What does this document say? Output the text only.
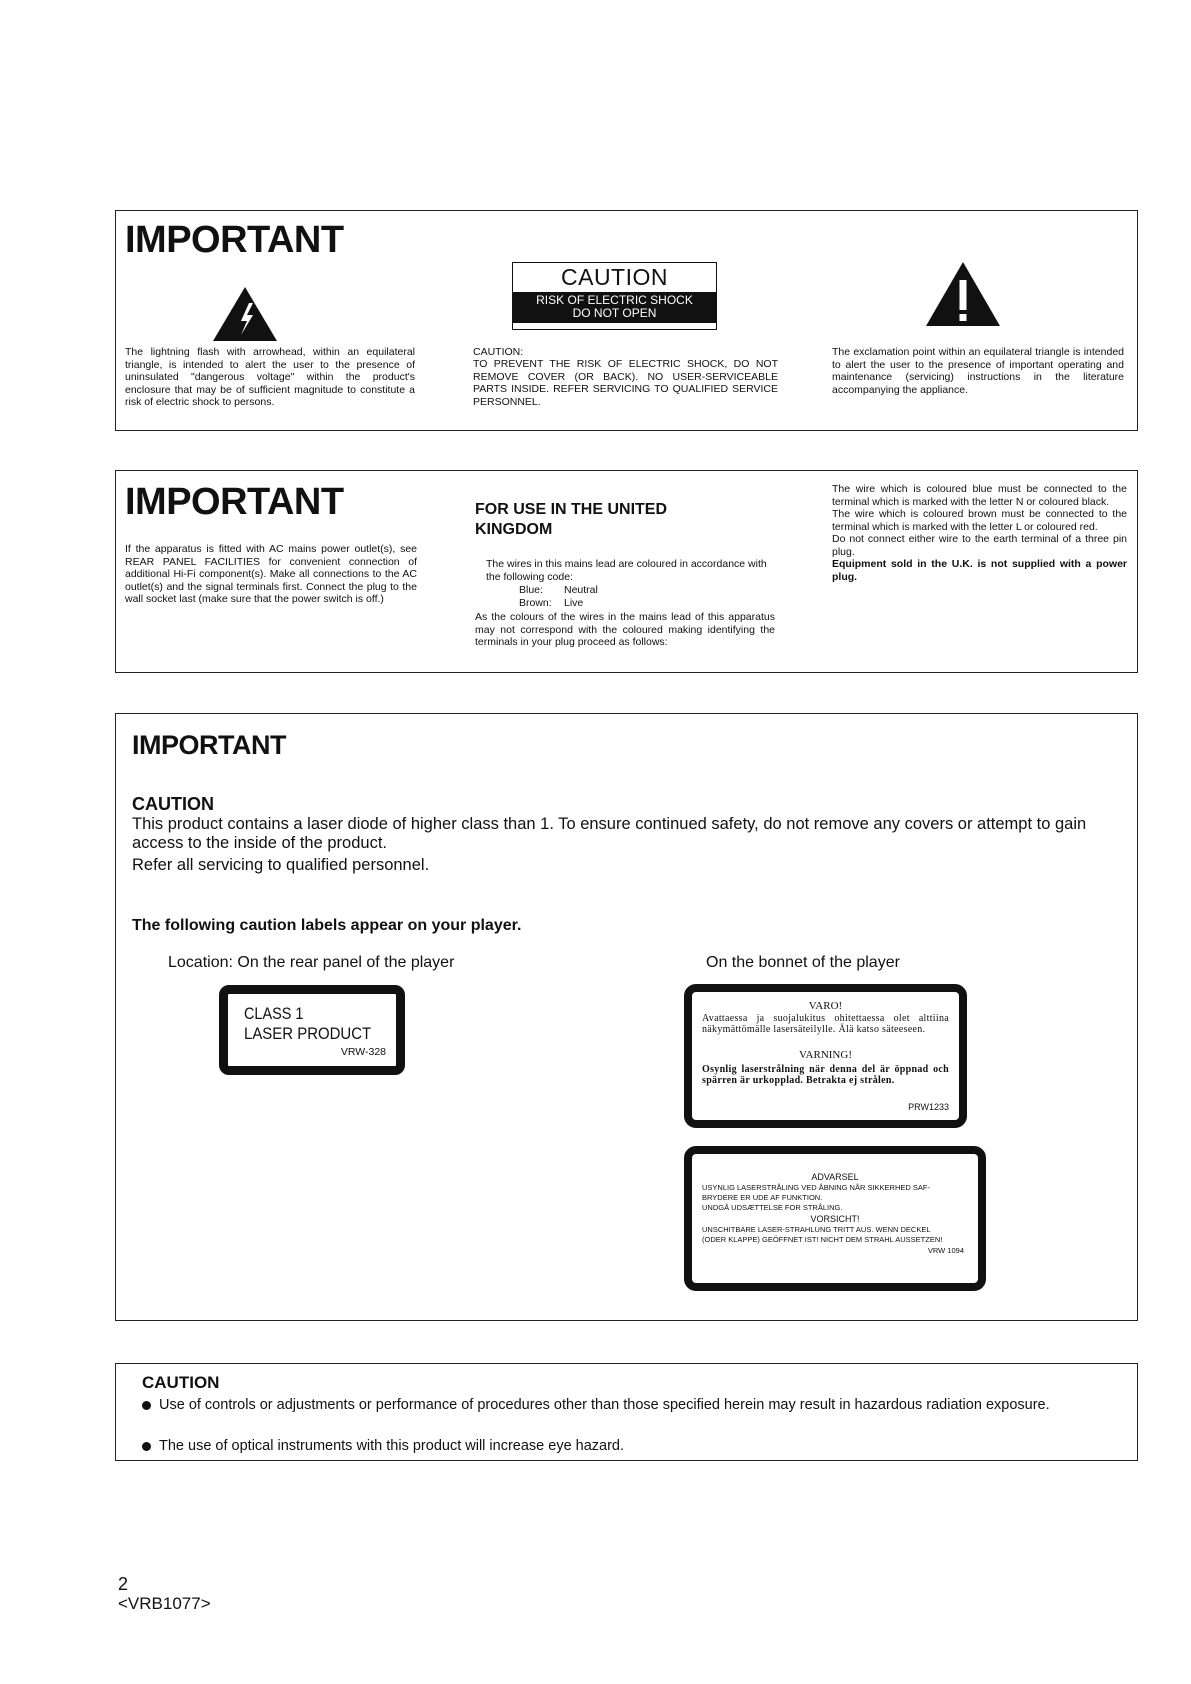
IMPORTANT
The lightning flash with arrowhead, within an equilateral triangle, is intended to alert the user to the presence of uninsulated "dangerous voltage" within the product's enclosure that may be of sufficient magnitude to constitute a risk of electric shock to persons.
CAUTION
RISK OF ELECTRIC SHOCK
DO NOT OPEN
CAUTION:
TO PREVENT THE RISK OF ELECTRIC SHOCK, DO NOT REMOVE COVER (OR BACK). NO USER-SERVICEABLE PARTS INSIDE. REFER SERVICING TO QUALIFIED SERVICE PERSONNEL.
The exclamation point within an equilateral triangle is intended to alert the user to the presence of important operating and maintenance (servicing) instructions in the literature accompanying the appliance.
IMPORTANT
If the apparatus is fitted with AC mains power outlet(s), see REAR PANEL FACILITIES for convenient connection of additional Hi-Fi component(s). Make all connections to the AC outlet(s) and the signal terminals first. Connect the plug to the wall socket last (make sure that the power switch is off.)
FOR USE IN THE UNITED KINGDOM
The wires in this mains lead are coloured in accordance with the following code:
Blue: Neutral
Brown: Live
As the colours of the wires in the mains lead of this apparatus may not correspond with the coloured making identifying the terminals in your plug proceed as follows:
The wire which is coloured blue must be connected to the terminal which is marked with the letter N or coloured black.
The wire which is coloured brown must be connected to the terminal which is marked with the letter L or coloured red.
Do not connect either wire to the earth terminal of a three pin plug.
Equipment sold in the U.K. is not supplied with a power plug.
IMPORTANT
CAUTION
This product contains a laser diode of higher class than 1. To ensure continued safety, do not remove any covers or attempt to gain access to the inside of the product.
Refer all servicing to qualified personnel.
The following caution labels appear on your player.
Location: On the rear panel of the player	On the bonnet of the player
CLASS 1
LASER PRODUCT
VRW-328
VARO!
Avattaessa ja suojalukitus ohitettaessa olet alttiina näkymättömälle lasersäteilylle. Älä katso säteeseen.
VARNING!
Osynlig laserstrålning när denna del är öppnad och spärren är urkopplad. Betrakta ej strålen.
PRW1233
ADVARSEL
USYNLIG LASERSTRÅLING VED ÅBNING NÅR SIKKERHED SAF-
BRYDERE ER UDE AF FUNKTION.
UNDGÅ UDSÆTTELSE FOR STRÅLING.
VORSICHT!
UNSCHITBARE LASER-STRAHLUNG TRITT AUS. WENN DECKEL
(ODER KLAPPE) GEÖFFNET IST! NICHT DEM STRAHL AUSSETZEN!
VRW 1094
CAUTION
Use of controls or adjustments or performance of procedures other than those specified herein may result in hazardous radiation exposure.
The use of optical instruments with this product will increase eye hazard.
2
<VRB1077>
